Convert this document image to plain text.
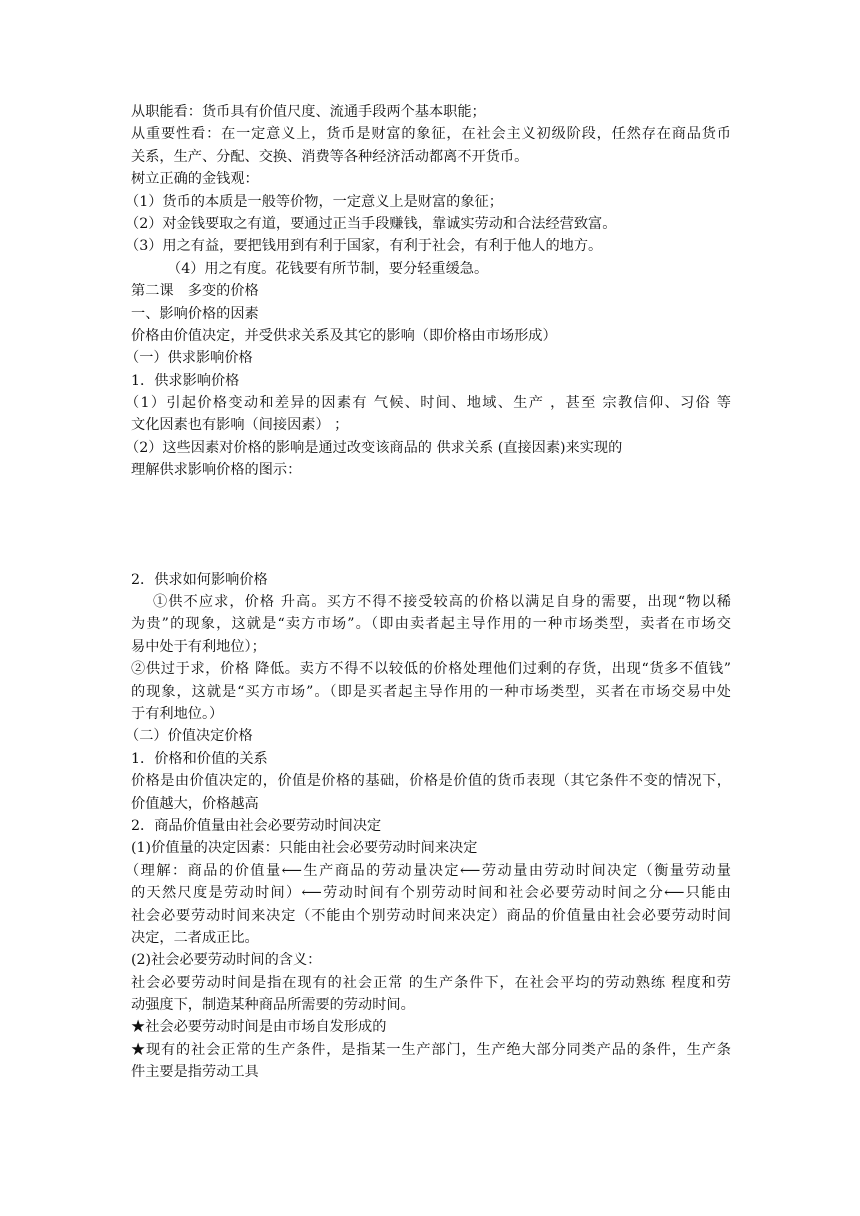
从职能看：货币具有价值尺度、流通手段两个基本职能；
从重要性看：在一定意义上，货币是财富的象征，在社会主义初级阶段，任然存在商品货币
关系，生产、分配、交换、消费等各种经济活动都离不开货币。
树立正确的金钱观：
（1）货币的本质是一般等价物，一定意义上是财富的象征；
（2）对金钱要取之有道，要通过正当手段赚钱，靠诚实劳动和合法经营致富。
（3）用之有益，要把钱用到有利于国家，有利于社会，有利于他人的地方。
（4）用之有度。花钱要有所节制，要分轻重缓急。
第二课　多变的价格
一、影响价格的因素
价格由价值决定，并受供求关系及其它的影响（即价格由市场形成）
（一）供求影响价格
1．供求影响价格
（1）引起价格变动和差异的因素有 气候、时间、地域、生产 ，甚至 宗教信仰、习俗 等
文化因素也有影响（间接因素） ；
（2）这些因素对价格的影响是通过改变该商品的 供求关系 (直接因素)来实现的
理解供求影响价格的图示：
2．供求如何影响价格
①供不应求，价格 升高。买方不得不接受较高的价格以满足自身的需要，出现“物以稀
为贵”的现象，这就是“卖方市场”。（即由卖者起主导作用的一种市场类型，卖者在市场交
易中处于有利地位）；
②供过于求，价格 降低。卖方不得不以较低的价格处理他们过剩的存货，出现“货多不值钱”
的现象，这就是“买方市场”。（即是买者起主导作用的一种市场类型，买者在市场交易中处
于有利地位。）
（二）价值决定价格
1．价格和价值的关系
价格是由价值决定的，价值是价格的基础，价格是价值的货币表现（其它条件不变的情况下，
价值越大，价格越高
2．商品价值量由社会必要劳动时间决定
(1)价值量的决定因素：只能由社会必要劳动时间来决定
（理解：商品的价值量⟵生产商品的劳动量决定⟵劳动量由劳动时间决定（衡量劳动量
的天然尺度是劳动时间）⟵劳动时间有个别劳动时间和社会必要劳动时间之分⟵只能由
社会必要劳动时间来决定（不能由个别劳动时间来决定）商品的价值量由社会必要劳动时间
决定，二者成正比。
(2)社会必要劳动时间的含义：
社会必要劳动时间是指在现有的社会正常 的生产条件下，在社会平均的劳动熟练 程度和劳
动强度下，制造某种商品所需要的劳动时间。
★社会必要劳动时间是由市场自发形成的
★现有的社会正常的生产条件，是指某一生产部门，生产绝大部分同类产品的条件，生产条
件主要是指劳动工具
